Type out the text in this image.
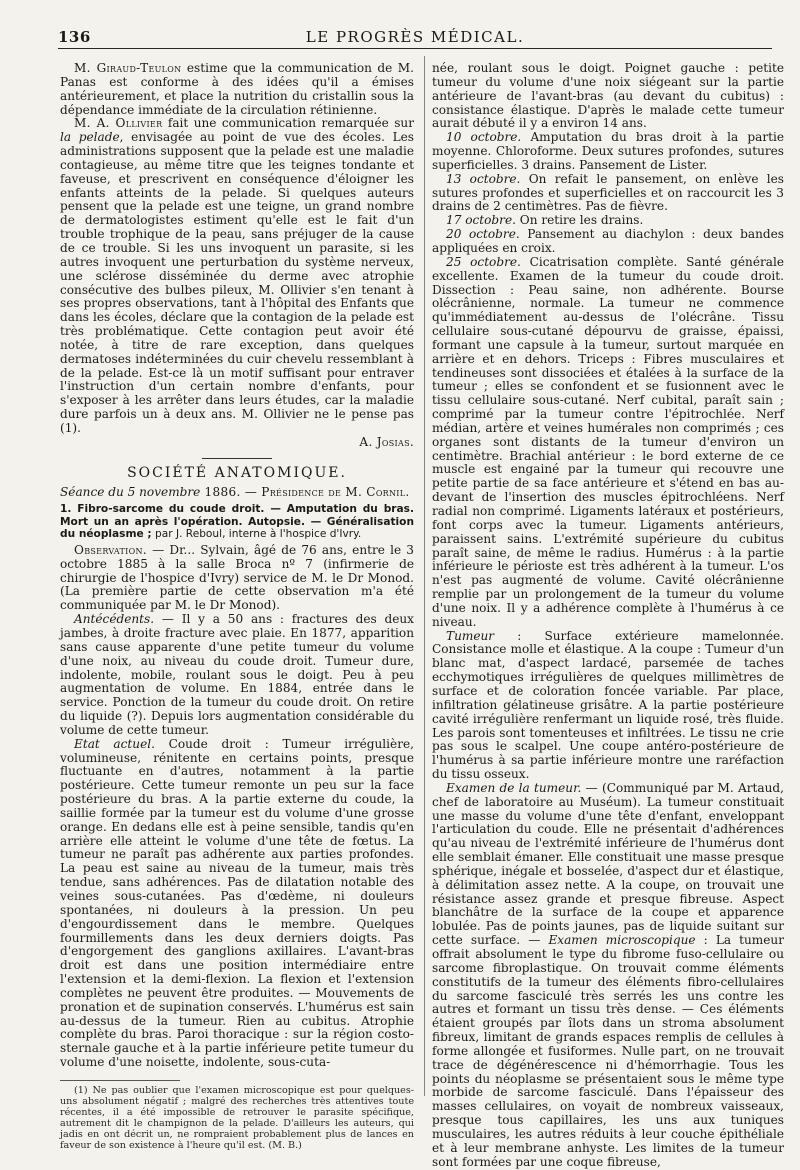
136	LE PROGRÈS MÉDICAL.

M. Giraud-Teulon estime que la communication de M. Panas est conforme à des idées qu'il a émises antérieurement, et place la nutrition du cristallin sous la dépendance immédiate de la circulation rétinienne.

M. A. Ollivier fait une communication remarquée sur la pelade, envisagée au point de vue des écoles. Les administrations supposent que la pelade est une maladie contagieuse, au même titre que les teignes tondante et faveuse, et prescrivent en conséquence d'éloigner les enfants atteints de la pelade. Si quelques auteurs pensent que la pelade est une teigne, un grand nombre de dermatologistes estiment qu'elle est le fait d'un trouble trophique de la peau, sans préjuger de la cause de ce trouble. Si les uns invoquent un parasite, si les autres invoquent une perturbation du système nerveux, une sclérose disséminée du derme avec atrophie consécutive des bulbes pileux, M. Ollivier s'en tenant à ses propres observations, tant à l'hôpital des Enfants que dans les écoles, déclare que la contagion de la pelade est très problématique. Cette contagion peut avoir été notée, à titre de rare exception, dans quelques dermatoses indéterminées du cuir chevelu ressemblant à de la pelade. Est-ce là un motif suffisant pour entraver l'instruction d'un certain nombre d'enfants, pour s'exposer à les arrêter dans leurs études, car la maladie dure parfois un à deux ans. M. Ollivier ne le pense pas (1).

A. Josias.

SOCIÉTÉ ANATOMIQUE.

Séance du 5 novembre 1886. — Présidence de M. Cornil.

1. Fibro-sarcome du coude droit. — Amputation du bras. Mort un an après l'opération. Autopsie. — Généralisation du néoplasme ; par J. Reboul, interne à l'hospice d'Ivry.

Observation. — Dr... Sylvain, âgé de 76 ans, entre le 3 octobre 1885 à la salle Broca nº 7 (infirmerie de chirurgie de l'hospice d'Ivry) service de M. le Dr Monod. (La première partie de cette observation m'a été communiquée par M. le Dr Monod).

Antécédents. — Il y a 50 ans : fractures des deux jambes, à droite fracture avec plaie. En 1877, apparition sans cause apparente d'une petite tumeur du volume d'une noix, au niveau du coude droit. Tumeur dure, indolente, mobile, roulant sous le doigt. Peu à peu augmentation de volume. En 1884, entrée dans le service. Ponction de la tumeur du coude droit. On retire du liquide (?). Depuis lors augmentation considérable du volume de cette tumeur.

Etat actuel. Coude droit : Tumeur irrégulière, volumineuse, rénitente en certains points, presque fluctuante en d'autres, notamment à la partie postérieure. Cette tumeur remonte un peu sur la face postérieure du bras. A la partie externe du coude, la saillie formée par la tumeur est du volume d'une grosse orange. En dedans elle est à peine sensible, tandis qu'en arrière elle atteint le volume d'une tête de fœtus. La tumeur ne paraît pas adhérente aux parties profondes. La peau est saine au niveau de la tumeur, mais très tendue, sans adhérences. Pas de dilatation notable des veines sous-cutanées. Pas d'œdème, ni douleurs spontanées, ni douleurs à la pression. Un peu d'engourdissement dans le membre. Quelques fourmillements dans les deux derniers doigts. Pas d'engorgement des ganglions axillaires. L'avant-bras droit est dans une position intermédiaire entre l'extension et la demi-flexion. La flexion et l'extension complètes ne peuvent être produites. — Mouvements de pronation et de supination conservés. L'humérus est sain au-dessus de la tumeur. Rien au cubitus. Atrophie complète du bras. Paroi thoracique : sur la région costo-sternale gauche et à la partie inférieure petite tumeur du volume d'une noisette, indolente, sous-cuta-

(1) Ne pas oublier que l'examen microscopique est pour quelques-uns absolument négatif ; malgré des recherches très attentives toute récentes, il a été impossible de retrouver le parasite spécifique, autrement dit le champignon de la pelade. D'ailleurs les auteurs, qui jadis en ont décrit un, ne rompraient probablement plus de lances en faveur de son existence à l'heure qu'il est. (M. B.)

née, roulant sous le doigt. Poignet gauche : petite tumeur du volume d'une noix siégeant sur la partie antérieure de l'avant-bras (au devant du cubitus) : consistance élastique. D'après le malade cette tumeur aurait débuté il y a environ 14 ans.

10 octobre. Amputation du bras droit à la partie moyenne. Chloroforme. Deux sutures profondes, sutures superficielles. 3 drains. Pansement de Lister.

13 octobre. On refait le pansement, on enlève les sutures profondes et superficielles et on raccourcit les 3 drains de 2 centimètres. Pas de fièvre.

17 octobre. On retire les drains.

20 octobre. Pansement au diachylon : deux bandes appliquées en croix.

25 octobre. Cicatrisation complète. Santé générale excellente. Examen de la tumeur du coude droit. Dissection : Peau saine, non adhérente. Bourse olécrânienne, normale. La tumeur ne commence qu'immédiatement au-dessus de l'olécrâne. Tissu cellulaire sous-cutané dépourvu de graisse, épaissi, formant une capsule à la tumeur, surtout marquée en arrière et en dehors. Triceps : Fibres musculaires et tendineuses sont dissociées et étalées à la surface de la tumeur ; elles se confondent et se fusionnent avec le tissu cellulaire sous-cutané. Nerf cubital, paraît sain ; comprimé par la tumeur contre l'épitrochlée. Nerf médian, artère et veines humérales non comprimés ; ces organes sont distants de la tumeur d'environ un centimètre. Brachial antérieur : le bord externe de ce muscle est engainé par la tumeur qui recouvre une petite partie de sa face antérieure et s'étend en bas au-devant de l'insertion des muscles épitrochléens. Nerf radial non comprimé. Ligaments latéraux et postérieurs, font corps avec la tumeur. Ligaments antérieurs, paraissent sains. L'extrémité supérieure du cubitus paraît saine, de même le radius. Humérus : à la partie inférieure le périoste est très adhérent à la tumeur. L'os n'est pas augmenté de volume. Cavité olécrânienne remplie par un prolongement de la tumeur du volume d'une noix. Il y a adhérence complète à l'humérus à ce niveau.

Tumeur : Surface extérieure mamelonnée. Consistance molle et élastique. A la coupe : Tumeur d'un blanc mat, d'aspect lardacé, parsemée de taches ecchymotiques irrégulières de quelques millimètres de surface et de coloration foncée variable. Par place, infiltration gélatineuse grisâtre. A la partie postérieure cavité irrégulière renfermant un liquide rosé, très fluide. Les parois sont tomenteuses et infiltrées. Le tissu ne crie pas sous le scalpel. Une coupe antéro-postérieure de l'humérus à sa partie inférieure montre une raréfaction du tissu osseux.

Examen de la tumeur. — (Communiqué par M. Artaud, chef de laboratoire au Muséum). La tumeur constituait une masse du volume d'une tête d'enfant, enveloppant l'articulation du coude. Elle ne présentait d'adhérences qu'au niveau de l'extrémité inférieure de l'humérus dont elle semblait émaner. Elle constituait une masse presque sphérique, inégale et bosselée, d'aspect dur et élastique, à délimitation assez nette. A la coupe, on trouvait une résistance assez grande et presque fibreuse. Aspect blanchâtre de la surface de la coupe et apparence lobulée. Pas de points jaunes, pas de liquide suitant sur cette surface. — Examen microscopique : La tumeur offrait absolument le type du fibrome fuso-cellulaire ou sarcome fibroplastique. On trouvait comme éléments constitutifs de la tumeur des éléments fibro-cellulaires du sarcome fasciculé très serrés les uns contre les autres et formant un tissu très dense. — Ces éléments étaient groupés par îlots dans un stroma absolument fibreux, limitant de grands espaces remplis de cellules à forme allongée et fusiformes. Nulle part, on ne trouvait trace de dégénérescence ni d'hémorrhagie. Tous les points du néoplasme se présentaient sous le même type morbide de sarcome fasciculé. Dans l'épaisseur des masses cellulaires, on voyait de nombreux vaisseaux, presque tous capillaires, les uns aux tuniques musculaires, les autres réduits à leur couche épithéliale et à leur membrane anhyste. Les limites de la tumeur sont formées par une coque fibreuse,
